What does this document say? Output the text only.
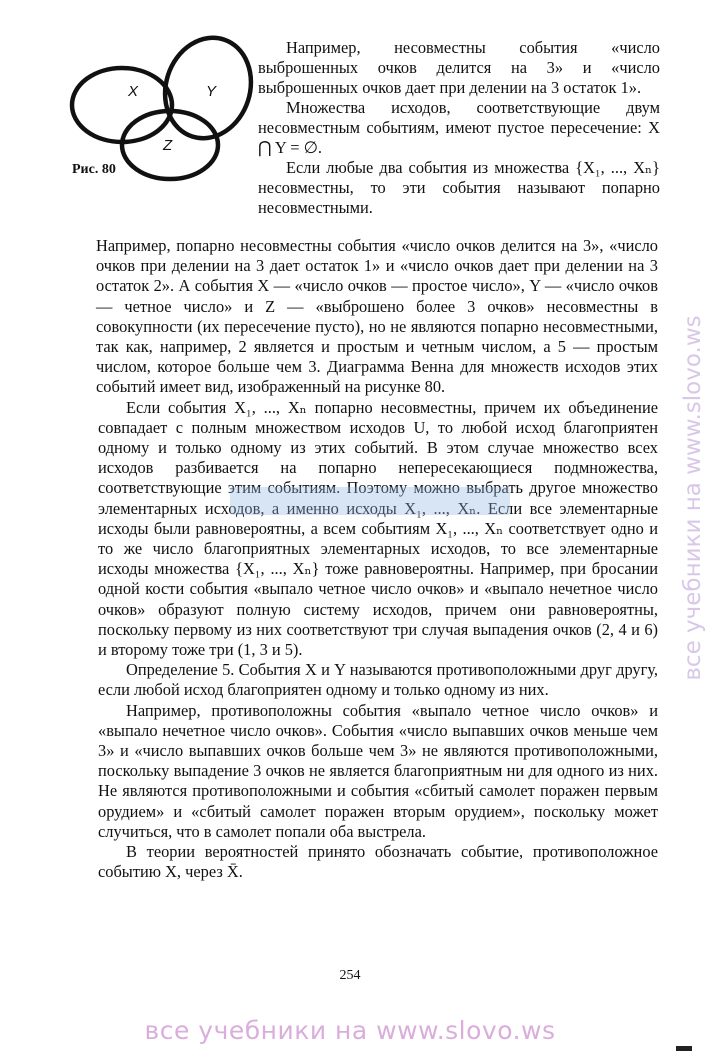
X	Y
Z
Рис. 80

Например, несовместны события «число выброшенных очков делится на 3» и «число выброшенных очков дает при делении на 3 остаток 1».

Множества исходов, соответствующие двум несовместным событиям, имеют пустое пересечение: X ⋂ Y = ∅.

Если любые два события из множества {X₁, ..., Xₙ} несовместны, то эти события называют попарно несовместными.

Например, попарно несовместны события «число очков делится на 3», «число очков при делении на 3 дает остаток 1» и «число очков дает при делении на 3 остаток 2». А события X — «число очков — простое число», Y — «число очков — четное число» и Z — «выброшено более 3 очков» несовместны в совокупности (их пересечение пусто), но не являются попарно несовместными, так как, например, 2 является и простым и четным числом, а 5 — простым числом, которое больше чем 3. Диаграмма Венна для множеств исходов этих событий имеет вид, изображенный на рисунке 80.

Если события X₁, ..., Xₙ попарно несовместны, причем их объединение совпадает с полным множеством исходов U, то любой исход благоприятен одному и только одному из этих событий. В этом случае множество всех исходов разбивается на попарно непересекающиеся подмножества, соответствующие этим событиям. Поэтому можно выбрать другое множество элементарных исходов, а именно исходы X₁, ..., Xₙ. Если все элементарные исходы были равновероятны, а всем событиям X₁, ..., Xₙ соответствует одно и то же число благоприятных элементарных исходов, то все элементарные исходы множества {X₁, ..., Xₙ} тоже равновероятны. Например, при бросании одной кости события «выпало четное число очков» и «выпало нечетное число очков» образуют полную систему исходов, причем они равновероятны, поскольку первому из них соответствуют три случая выпадения очков (2, 4 и 6) и второму тоже три (1, 3 и 5).

Определение 5. События X и Y называются противоположными друг другу, если любой исход благоприятен одному и только одному из них.

Например, противоположны события «выпало четное число очков» и «выпало нечетное число очков». События «число выпавших очков меньше чем 3» и «число выпавших очков больше чем 3» не являются противоположными, поскольку выпадение 3 очков не является благоприятным ни для одного из них. Не являются противоположными и события «сбитый самолет поражен первым орудием» и «сбитый самолет поражен вторым орудием», поскольку может случиться, что в самолет попали оба выстрела.

В теории вероятностей принято обозначать событие, противоположное событию X, через X̄.

254
все учебники на www.slovo.ws
все учебники на www.slovo.ws
